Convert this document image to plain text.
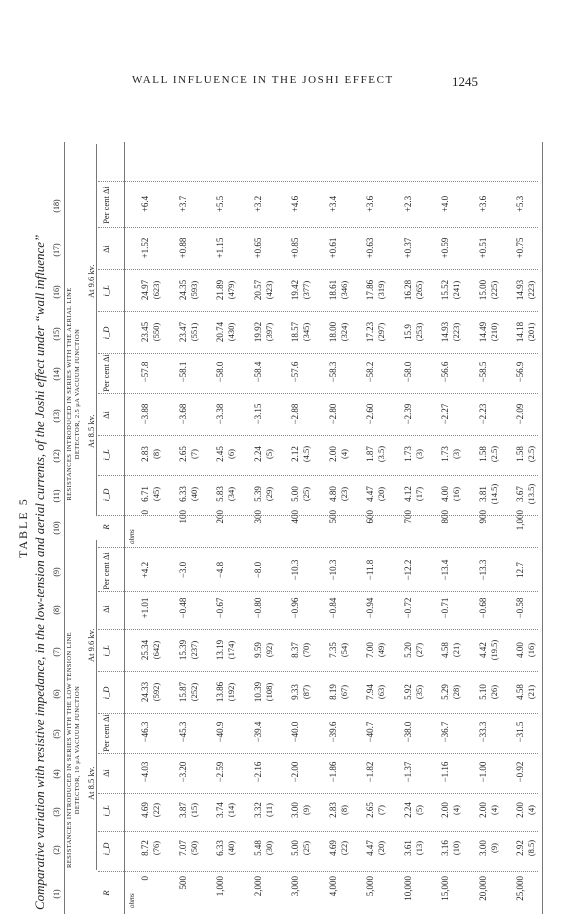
WALL INFLUENCE IN THE JOSHI EFFECT	1245
TABLE 5 Comparative variation with resistive impedance, in the low-tension and aerial currents, of the Joshi effect under “wall influence” (1)
(2)
(3)
(4)
(5)
(6)
(7)
(8)
(9)
(10)
(11)
(12)
(13)
(14)
(15)
(16)
(17)
(18)
RESISTANCES INTRODUCED IN SERIES WITH THE LOW TENSION LINE DETECTOR, 10 μA VACUUM JUNCTION
RESISTANCES INTRODUCED IN SERIES WITH THE AERIAL LINE DETECTOR, 2.5 μA VACUUM JUNCTION
At 8.5 kv.
At 9.6 kv.
At 8.5 kv.
At 9.6 kv.
R
i_D
i_L
Δi
Per cent Δi
i_D
i_L
Δi
Per cent Δi
R
i_D
i_L
Δi
Per cent Δi
i_D
i_L
Δi
Per cent Δi
ohms
ohms
0
8.72 (76)
4.69 (22)
−4.03
−46.3
24.33 (592)
25.34 (642)
+1.01
+4.2
500
7.07 (50)
3.87 (15)
−3.20
−45.3
15.87 (252)
15.39 (237)
−0.48
−3.0
1,000
6.33 (40)
3.74 (14)
−2.59
−40.9
13.86 (192)
13.19 (174)
−0.67
−4.8
2,000
5.48 (30)
3.32 (11)
−2.16
−39.4
10.39 (108)
9.59 (92)
−0.80
−8.0
3,000
5.00 (25)
3.00 (9)
−2.00
−40.0
9.33 (87)
8.37 (70)
−0.96
−10.3
4,000
4.69 (22)
2.83 (8)
−1.86
−39.6
8.19 (67)
7.35 (54)
−0.84
−10.3
5,000
4.47 (20)
2.65 (7)
−1.82
−40.7
7.94 (63)
7.00 (49)
−0.94
−11.8
10,000
3.61 (13)
2.24 (5)
−1.37
−38.0
5.92 (35)
5.20 (27)
−0.72
−12.2
15,000
3.16 (10)
2.00 (4)
−1.16
−36.7
5.29 (28)
4.58 (21)
−0.71
−13.4
20,000
3.00 (9)
2.00 (4)
−1.00
−33.3
5.10 (26)
4.42 (19.5)
−0.68
−13.3
25,000
2.92 (8.5)
2.00 (4)
−0.92
−31.5
4.58 (21)
4.00 (16)
−0.58
12.7
0
6.71 (45)
2.83 (8)
−3.88
−57.8
23.45 (550)
24.97 (623)
+1.52
+6.4
100
6.33 (40)
2.65 (7)
−3.68
−58.1
23.47 (551)
24.35 (593)
+0.88
+3.7
200
5.83 (34)
2.45 (6)
−3.38
−58.0
20.74 (430)
21.89 (479)
+1.15
+5.5
300
5.39 (29)
2.24 (5)
−3.15
−58.4
19.92 (397)
20.57 (423)
+0.65
+3.2
400
5.00 (25)
2.12 (4.5)
−2.88
−57.6
18.57 (345)
19.42 (377)
+0.85
+4.6
500
4.80 (23)
2.00 (4)
−2.80
−58.3
18.00 (324)
18.61 (346)
+0.61
+3.4
600
4.47 (20)
1.87 (3.5)
−2.60
−58.2
17.23 (297)
17.86 (319)
+0.63
+3.6
700
4.12 (17)
1.73 (3)
−2.39
−58.0
15.9 (253)
16.28 (265)
+0.37
+2.3
800
4.00 (16)
1.73 (3)
−2.27
−56.6
14.93 (223)
15.52 (241)
+0.59
+4.0
900
3.81 (14.5)
1.58 (2.5)
−2.23
−58.5
14.49 (210)
15.00 (225)
+0.51
+3.6
1,000
3.67 (13.5)
1.58 (2.5)
−2.09
−56.9
14.18 (201)
14.93 (223)
+0.75
+5.3
